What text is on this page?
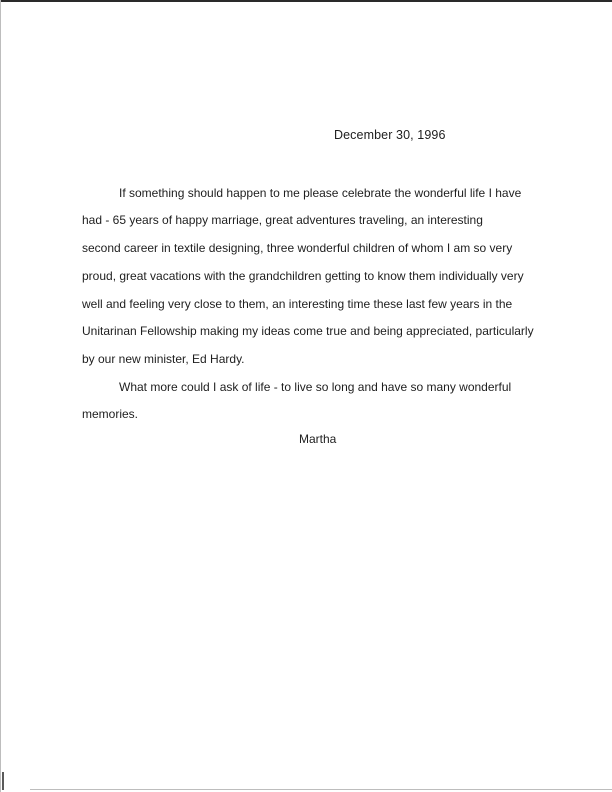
December 30, 1996
If something should happen to me please celebrate the wonderful life I have
had - 65 years of happy marriage, great adventures traveling, an interesting
second career in textile designing, three wonderful children of whom I am so very
proud, great vacations with the grandchildren getting to know them individually very
well and feeling very close to them, an interesting time these last few years in the
Unitarinan Fellowship making my ideas come true and being appreciated, particularly
by our new minister, Ed Hardy.
What more could I ask of life - to live so long and have so many wonderful
memories.
Martha
